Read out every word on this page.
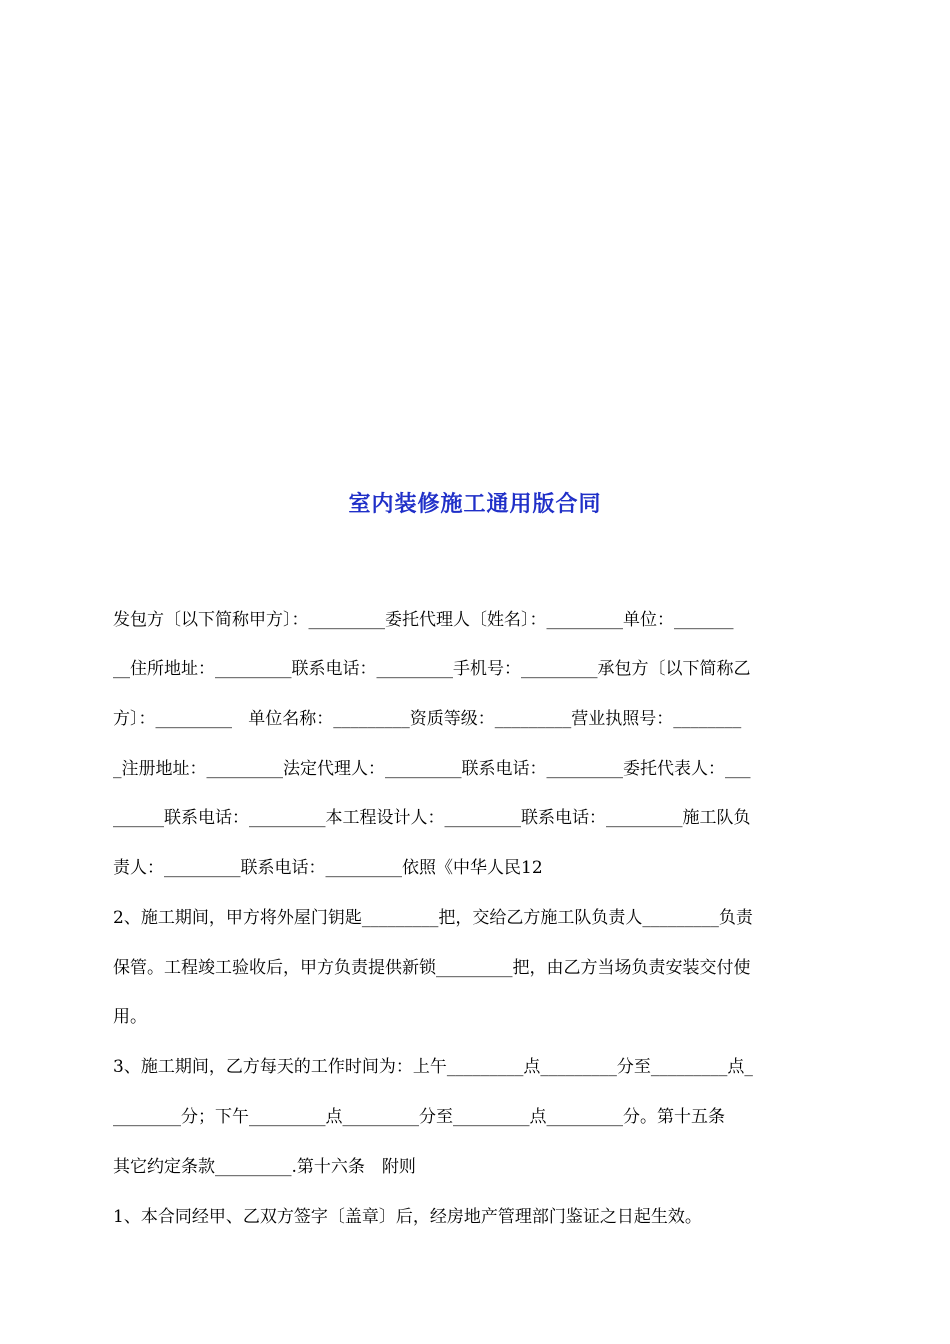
室内装修施工通用版合同
发包方〔以下简称甲方〕：_________委托代理人〔姓名〕：_________单位：_______
__住所地址：_________联系电话：_________手机号：_________承包方〔以下简称乙
方〕：_________   单位名称：_________资质等级：_________营业执照号：________
_注册地址：_________法定代理人：_________联系电话：_________委托代表人：___
______联系电话：_________本工程设计人：_________联系电话：_________施工队负
责人：_________联系电话：_________依照《中华人民12
2、施工期间，甲方将外屋门钥匙_________把，交给乙方施工队负责人_________负责
保管。工程竣工验收后，甲方负责提供新锁_________把，由乙方当场负责安装交付使
用。
3、施工期间，乙方每天的工作时间为：上午_________点_________分至_________点_
________分；下午_________点_________分至_________点_________分。第十五条
其它约定条款_________.第十六条　附则
1、本合同经甲、乙双方签字〔盖章〕后，经房地产管理部门鉴证之日起生效。
